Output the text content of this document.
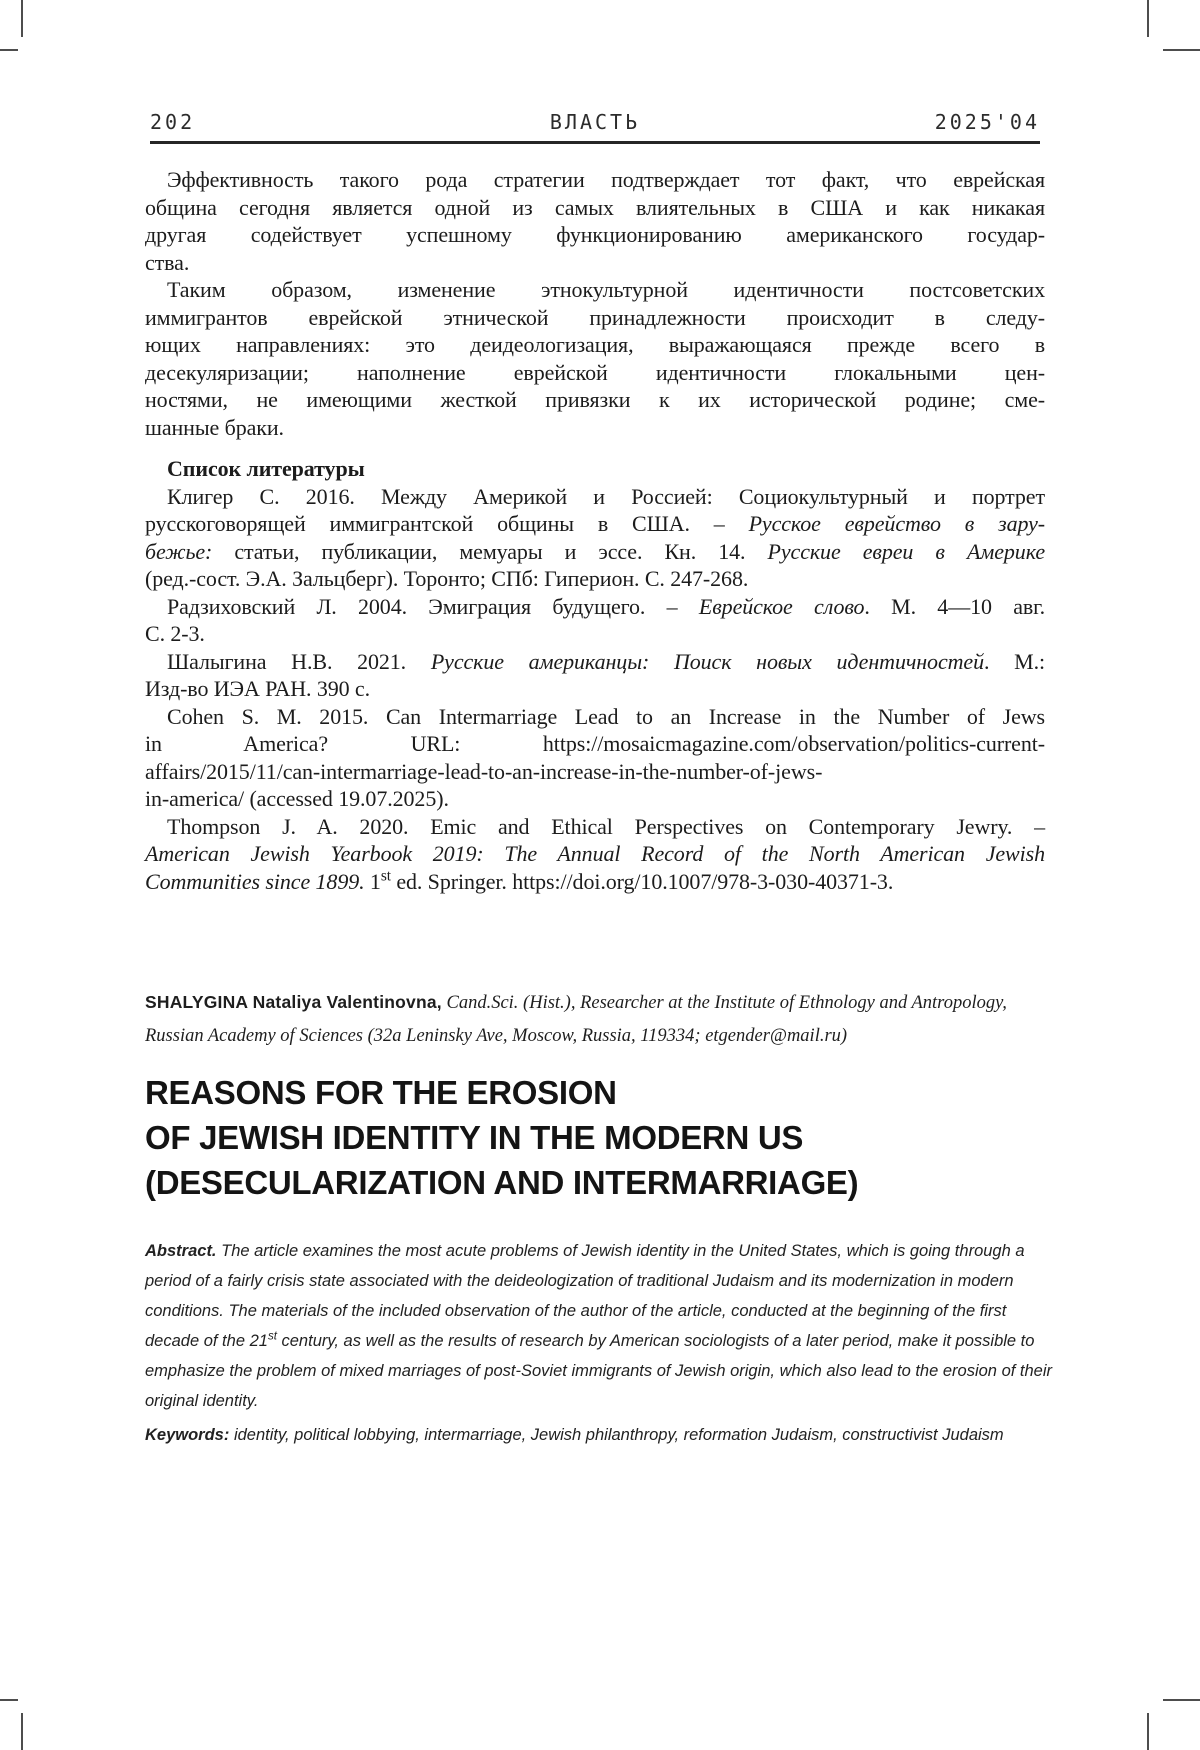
202	ВЛАСТЬ	2025'04
Эффективность такого рода стратегии подтверждает тот факт, что еврейская
община сегодня является одной из самых влиятельных в США и как никакая
другая содействует успешному функционированию американского государ-
ства.
Таким образом, изменение этнокультурной идентичности постсоветских
иммигрантов еврейской этнической принадлежности происходит в следу-
ющих направлениях: это деидеологизация, выражающаяся прежде всего в
десекуляризации; наполнение еврейской идентичности глокальными цен-
ностями, не имеющими жесткой привязки к их исторической родине; сме-
шанные браки.
Список литературы
Клигер С. 2016. Между Америкой и Россией: Социокультурный и портрет
русскоговорящей иммигрантской общины в США. – Русское еврейство в зару-
бежье: статьи, публикации, мемуары и эссе. Кн. 14. Русские евреи в Америке
(ред.-сост. Э.А. Зальцберг). Торонто; СПб: Гиперион. С. 247-268.
Радзиховский Л. 2004. Эмиграция будущего. – Еврейское слово. М. 4—10 авг.
С. 2-3.
Шалыгина Н.В. 2021. Русские американцы: Поиск новых идентичностей. М.:
Изд-во ИЭА РАН. 390 с.
Cohen S. M. 2015. Can Intermarriage Lead to an Increase in the Number of Jews
in America? URL: https://mosaicmagazine.com/observation/politics-current-
affairs/2015/11/can-intermarriage-lead-to-an-increase-in-the-number-of-jews-
in-america/ (accessed 19.07.2025).
Thompson J. A. 2020. Emic and Ethical Perspectives on Contemporary Jewry. –
American Jewish Yearbook 2019: The Annual Record of the North American Jewish
Communities since 1899. 1st ed. Springer. https://doi.org/10.1007/978-3-030-40371-3.
SHALYGINA Nataliya Valentinovna, Cand.Sci. (Hist.), Researcher at the Institute of Ethnology and Antropology,
Russian Academy of Sciences (32a Leninsky Ave, Moscow, Russia, 119334; etgender@mail.ru)
REASONS FOR THE EROSION
OF JEWISH IDENTITY IN THE MODERN US
(DESECULARIZATION AND INTERMARRIAGE)
Abstract. The article examines the most acute problems of Jewish identity in the United States, which is going through a
period of a fairly crisis state associated with the deideologization of traditional Judaism and its modernization in modern
conditions. The materials of the included observation of the author of the article, conducted at the beginning of the first
decade of the 21st century, as well as the results of research by American sociologists of a later period, make it possible to
emphasize the problem of mixed marriages of post-Soviet immigrants of Jewish origin, which also lead to the erosion of their
original identity.
Keywords: identity, political lobbying, intermarriage, Jewish philanthropy, reformation Judaism, constructivist Judaism
